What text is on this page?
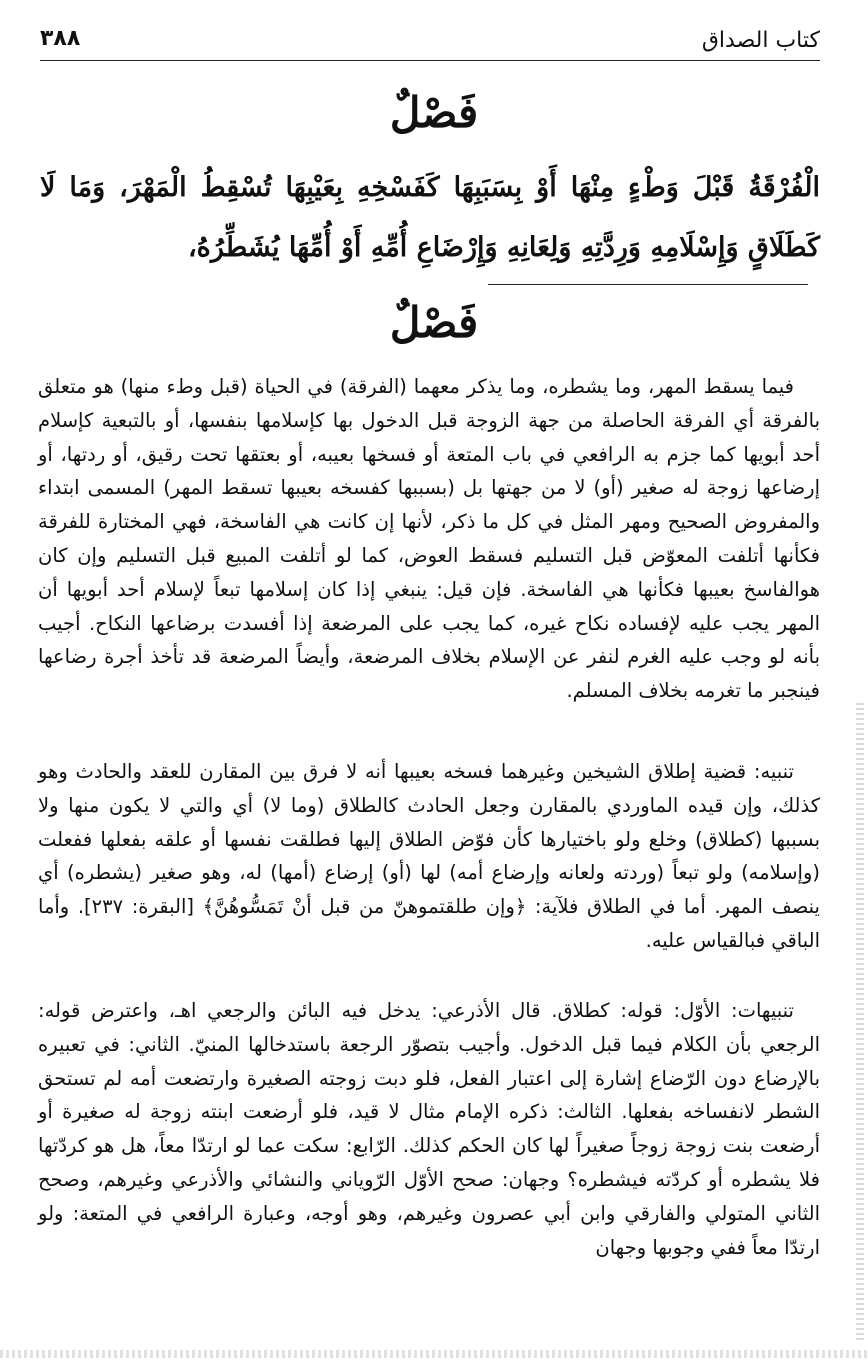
كتاب الصداق
٣٨٨
فَصْلٌ
الْفُرْقَةُ قَبْلَ وَطْءٍ مِنْهَا أَوْ بِسَبَبِهَا كَفَسْخِهِ بِعَيْبِهَا تُسْقِطُ الْمَهْرَ، وَمَا لَا كَطَلَاقٍ وَإِسْلَامِهِ وَرِدَّتِهِ وَلِعَانِهِ وَإِرْضَاعِ أُمِّهِ أَوْ أُمِّهَا يُشَطِّرُهُ،
فَصْلٌ

فيما يسقط المهر، وما يشطره، وما يذكر معهما (الفرقة) في الحياة (قبل وطء منها) هو متعلق بالفرقة أي الفرقة الحاصلة من جهة الزوجة قبل الدخول بها كإسلامها بنفسها، أو بالتبعية كإسلام أحد أبويها كما جزم به الرافعي في باب المتعة أو فسخها بعيبه، أو بعتقها تحت رقيق، أو ردتها، أو إرضاعها زوجة له صغير (أو) لا من جهتها بل (بسببها كفسخه بعيبها تسقط المهر) المسمى ابتداء والمفروض الصحيح ومهر المثل في كل ما ذكر، لأنها إن كانت هي الفاسخة، فهي المختارة للفرقة فكأنها أتلفت المعوّض قبل التسليم فسقط العوض، كما لو أتلفت المبيع قبل التسليم وإن كان هوالفاسخ بعيبها فكأنها هي الفاسخة. فإن قيل: ينبغي إذا كان إسلامها تبعاً لإسلام أحد أبويها أن المهر يجب عليه لإفساده نكاح غيره، كما يجب على المرضعة إذا أفسدت برضاعها النكاح. أجيب بأنه لو وجب عليه الغرم لنفر عن الإسلام بخلاف المرضعة، وأيضاً المرضعة قد تأخذ أجرة رضاعها فينجبر ما تغرمه بخلاف المسلم.

تنبيه: قضية إطلاق الشيخين وغيرهما فسخه بعيبها أنه لا فرق بين المقارن للعقد والحادث وهو كذلك، وإن قيده الماوردي بالمقارن وجعل الحادث كالطلاق (وما لا) أي والتي لا يكون منها ولا بسببها (كطلاق) وخلع ولو باختيارها كأن فوّض الطلاق إليها فطلقت نفسها أو علقه بفعلها ففعلت (وإسلامه) ولو تبعاً (وردته ولعانه وإرضاع أمه) لها (أو) إرضاع (أمها) له، وهو صغير (يشطره) أي ينصف المهر. أما في الطلاق فلآية: ﴿وإن طلقتموهنّ من قبل أنْ تَمَسُّوهُنَّ﴾ [البقرة: ٢٣٧]. وأما الباقي فبالقياس عليه.

تنبيهات: الأوّل: قوله: كطلاق. قال الأذرعي: يدخل فيه البائن والرجعي اهـ، واعترض قوله: الرجعي بأن الكلام فيما قبل الدخول. وأجيب بتصوّر الرجعة باستدخالها المنيّ. الثاني: في تعبيره بالإرضاع دون الرّضاع إشارة إلى اعتبار الفعل، فلو دبت زوجته الصغيرة وارتضعت أمه لم تستحق الشطر لانفساخه بفعلها. الثالث: ذكره الإمام مثال لا قيد، فلو أرضعت ابنته زوجة له صغيرة أو أرضعت بنت زوجة زوجاً صغيراً لها كان الحكم كذلك. الرّابع: سكت عما لو ارتدّا معاً، هل هو كردّتها فلا يشطره أو كردّته فيشطره؟ وجهان: صحح الأوّل الرّوياني والنشائي والأذرعي وغيرهم، وصحح الثاني المتولي والفارقي وابن أبي عصرون وغيرهم، وهو أوجه، وعبارة الرافعي في المتعة: ولو ارتدّا معاً ففي وجوبها وجهان
